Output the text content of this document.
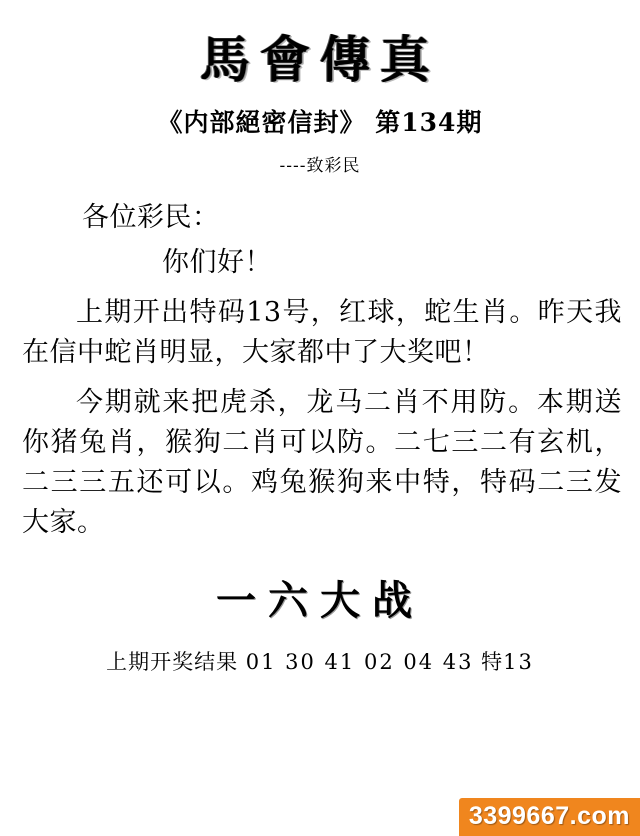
馬會傳真
《内部絕密信封》 第134期
----致彩民
各位彩民：
你们好！
上期开出特码13号，红球，蛇生肖。昨天我在信中蛇肖明显，大家都中了大奖吧！
今期就来把虎杀，龙马二肖不用防。本期送你猪兔肖，猴狗二肖可以防。二七三二有玄机，二三三五还可以。鸡兔猴狗来中特，特码二三发大家。
一六大战
上期开奖结果 01 30 41 02 04 43 特13
3399667.com
